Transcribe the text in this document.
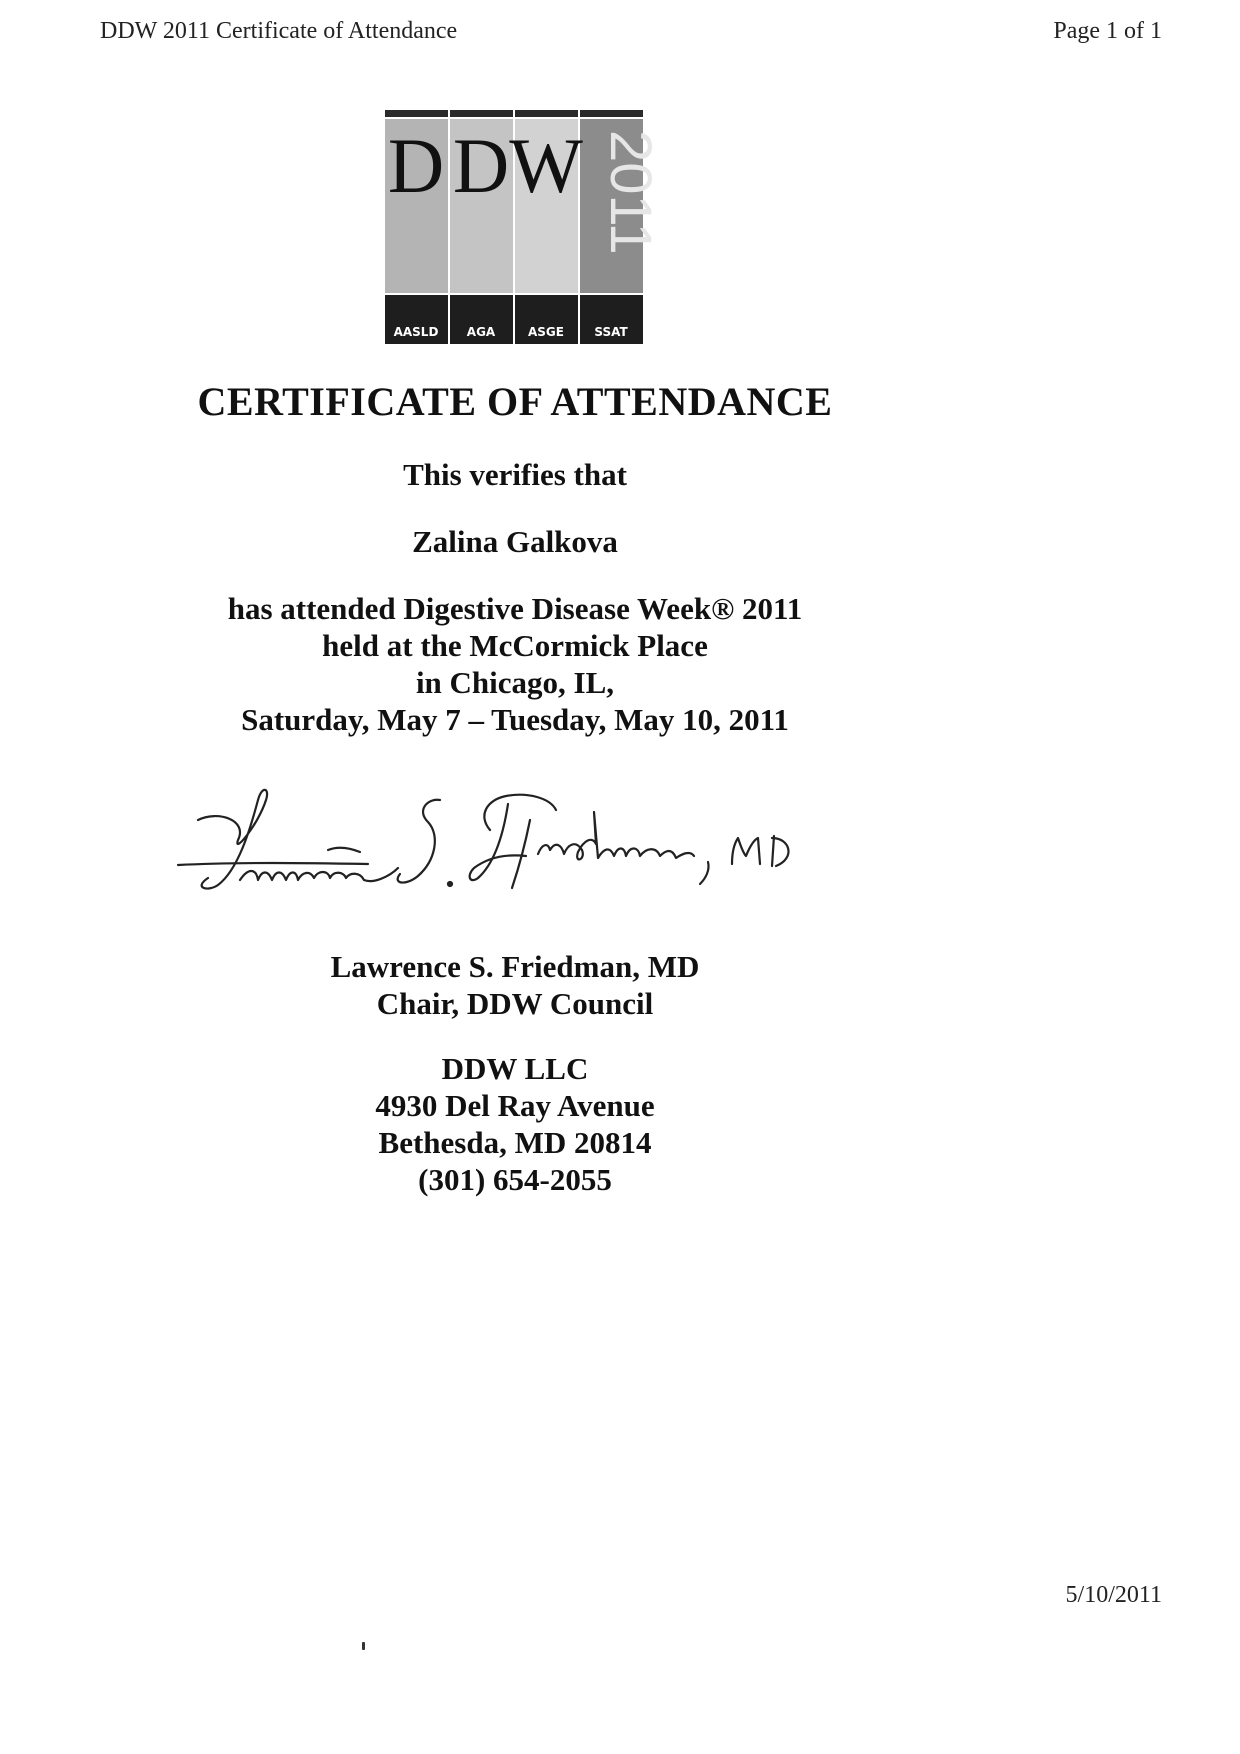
DDW 2011 Certificate of Attendance	Page 1 of 1
D D W 2011
AASLD AGA	ASGE	SSAT
CERTIFICATE OF ATTENDANCE
This verifies that
Zalina Galkova
has attended Digestive Disease Week® 2011
held at the McCormick Place
in Chicago, IL,
Saturday, May 7 – Tuesday, May 10, 2011
Lawrence S. Friedman, MD
Chair, DDW Council
DDW LLC
4930 Del Ray Avenue
Bethesda, MD 20814
(301) 654-2055
5/10/2011
